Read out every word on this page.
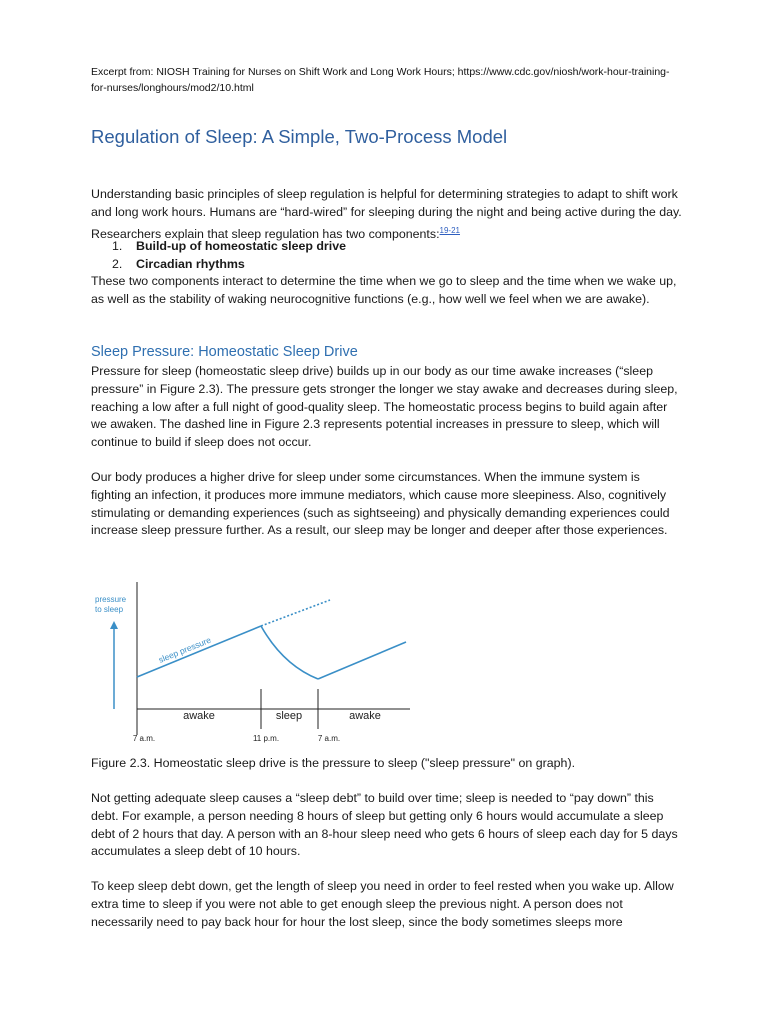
Excerpt from: NIOSH Training for Nurses on Shift Work and Long Work Hours; https://www.cdc.gov/niosh/work-hour-training-for-nurses/longhours/mod2/10.html
Regulation of Sleep: A Simple, Two-Process Model

Understanding basic principles of sleep regulation is helpful for determining strategies to adapt to shift work and long work hours. Humans are “hard-wired” for sleeping during the night and being active during the day. Researchers explain that sleep regulation has two components:$^{19-21}$

1.	Build-up of homeostatic sleep drive
2.	Circadian rhythms

These two components interact to determine the time when we go to sleep and the time when we wake up, as well as the stability of waking neurocognitive functions (e.g., how well we feel when we are awake).

Sleep Pressure: Homeostatic Sleep Drive

Pressure for sleep (homeostatic sleep drive) builds up in our body as our time awake increases (“sleep pressure” in Figure 2.3). The pressure gets stronger the longer we stay awake and decreases during sleep, reaching a low after a full night of good-quality sleep. The homeostatic process begins to build again after we awaken. The dashed line in Figure 2.3 represents potential increases in pressure to sleep, which will continue to build if sleep does not occur.

Our body produces a higher drive for sleep under some circumstances. When the immune system is fighting an infection, it produces more immune mediators, which cause more sleepiness. Also, cognitively stimulating or demanding experiences (such as sightseeing) and physically demanding experiences could increase sleep pressure further. As a result, our sleep may be longer and deeper after those experiences.

pressure
to sleep
sleep pressure
awake	sleep	awake
7 a.m.	11 p.m.	7 a.m.
Figure 2.3. Homeostatic sleep drive is the pressure to sleep ("sleep pressure" on graph).

Not getting adequate sleep causes a “sleep debt” to build over time; sleep is needed to “pay down” this debt. For example, a person needing 8 hours of sleep but getting only 6 hours would accumulate a sleep debt of 2 hours that day. A person with an 8-hour sleep need who gets 6 hours of sleep each day for 5 days accumulates a sleep debt of 10 hours.

To keep sleep debt down, get the length of sleep you need in order to feel rested when you wake up. Allow extra time to sleep if you were not able to get enough sleep the previous night. A person does not necessarily need to pay back hour for hour the lost sleep, since the body sometimes sleeps more
